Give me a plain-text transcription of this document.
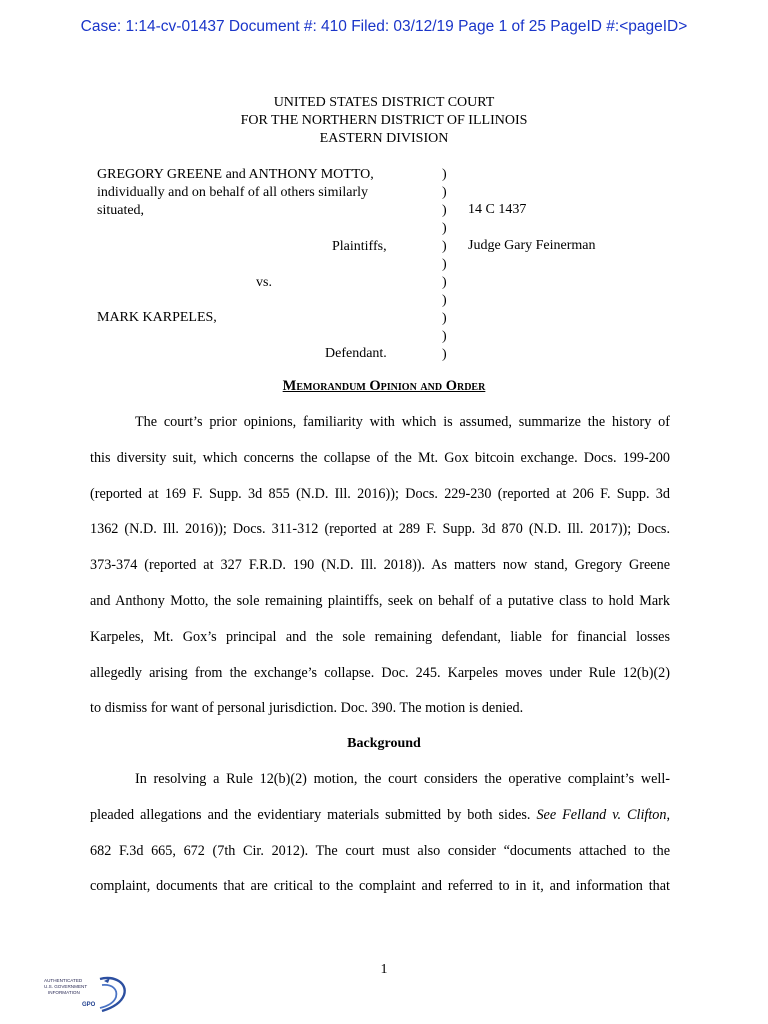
Case: 1:14-cv-01437 Document #: 410 Filed: 03/12/19 Page 1 of 25 PageID #:<pageID>
UNITED STATES DISTRICT COURT
FOR THE NORTHERN DISTRICT OF ILLINOIS
EASTERN DIVISION
GREGORY GREENE and ANTHONY MOTTO,
individually and on behalf of all others similarly
situated,
Plaintiffs,
vs.
MARK KARPELES,
Defendant.
)
)
)
)
)
)
)
)
)
)
)
14 C 1437
Judge Gary Feinerman
Memorandum Opinion and Order
The court’s prior opinions, familiarity with which is assumed, summarize the history of
this diversity suit, which concerns the collapse of the Mt. Gox bitcoin exchange. Docs. 199-200
(reported at 169 F. Supp. 3d 855 (N.D. Ill. 2016)); Docs. 229-230 (reported at 206 F. Supp. 3d
1362 (N.D. Ill. 2016)); Docs. 311-312 (reported at 289 F. Supp. 3d 870 (N.D. Ill. 2017)); Docs.
373-374 (reported at 327 F.R.D. 190 (N.D. Ill. 2018)). As matters now stand, Gregory Greene
and Anthony Motto, the sole remaining plaintiffs, seek on behalf of a putative class to hold Mark
Karpeles, Mt. Gox’s principal and the sole remaining defendant, liable for financial losses
allegedly arising from the exchange’s collapse. Doc. 245. Karpeles moves under Rule 12(b)(2)
to dismiss for want of personal jurisdiction. Doc. 390. The motion is denied.
Background
In resolving a Rule 12(b)(2) motion, the court considers the operative complaint’s well-
pleaded allegations and the evidentiary materials submitted by both sides. See Felland v. Clifton,
682 F.3d 665, 672 (7th Cir. 2012). The court must also consider “documents attached to the
complaint, documents that are critical to the complaint and referred to in it, and information that
1
AUTHENTICATED
U.S. GOVERNMENT
INFORMATION
GPO
